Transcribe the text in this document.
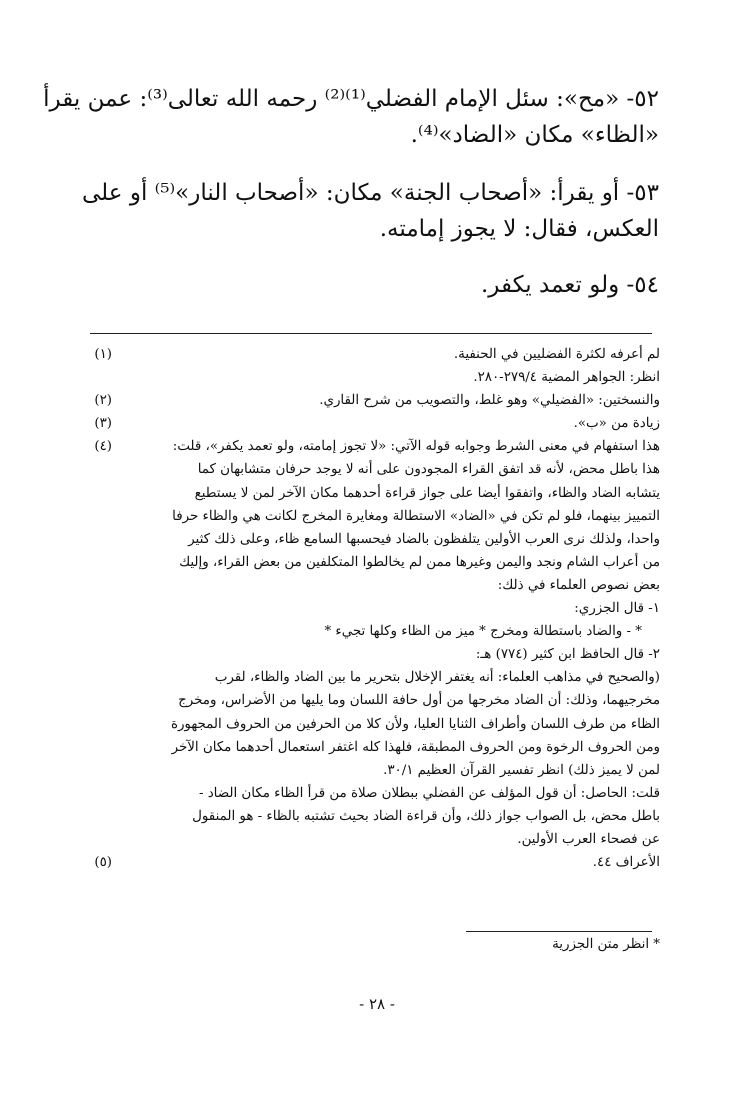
٥٢- «مح»: سئل الإمام الفضلي⁽¹⁾⁽²⁾ رحمه الله تعالى⁽³⁾: عمن يقرأ
«الظاء» مكان «الضاد»⁽⁴⁾.
٥٣- أو يقرأ: «أصحاب الجنة» مكان: «أصحاب النار»⁽⁵⁾ أو على
العكس، فقال: لا يجوز إمامته.
٥٤- ولو تعمد يكفر.
(١)	لم أعرفه لكثرة الفضليين في الحنفية.
انظر: الجواهر المضية ٢٧٩/٤-٢٨٠.
(٢)	والنسختين: «الفضيلي» وهو غلط، والتصويب من شرح القاري.
(٣)	زيادة من «ب».
(٤)	هذا استفهام في معنى الشرط وجوابه قوله الآتي: «لا تجوز إمامته، ولو تعمد يكفر»، قلت:
هذا باطل محض، لأنه قد اتفق القراء المجودون على أنه لا يوجد حرفان متشابهان كما
يتشابه الضاد والظاء، واتفقوا أيضا على جواز قراءة أحدهما مكان الآخر لمن لا يستطيع
التمييز بينهما، فلو لم تكن في «الضاد» الاستطالة ومغايرة المخرج لكانت هي والظاء حرفا
واحدا، ولذلك نرى العرب الأولين يتلفظون بالضاد فيحسبها السامع ظاء، وعلى ذلك كثير
من أعراب الشام ونجد واليمن وغيرها ممن لم يخالطوا المتكلفين من بعض القراء، وإليك
بعض نصوص العلماء في ذلك:
١- قال الجزري:
* - والضاد باستطالة ومخرج * ميز من الظاء وكلها تجيء *
٢- قال الحافظ ابن كثير (٧٧٤) هـ:
(والصحيح في مذاهب العلماء: أنه يغتفر الإخلال بتحرير ما بين الضاد والظاء، لقرب
مخرجيهما، وذلك: أن الضاد مخرجها من أول حافة اللسان وما يليها من الأضراس، ومخرج
الظاء من طرف اللسان وأطراف الثنايا العليا، ولأن كلا من الحرفين من الحروف المجهورة
ومن الحروف الرخوة ومن الحروف المطبقة، فلهذا كله اغتفر استعمال أحدهما مكان الآخر
لمن لا يميز ذلك) انظر تفسير القرآن العظيم ٣٠/١.
قلت: الحاصل: أن قول المؤلف عن الفضلي ببطلان صلاة من قرأ الظاء مكان الضاد -
باطل محض، بل الصواب جواز ذلك، وأن قراءة الضاد بحيث تشتبه بالظاء - هو المنقول
عن فصحاء العرب الأولين.
(٥)	الأعراف ٤٤.
* انظر متن الجزرية
- ٢٨ -
